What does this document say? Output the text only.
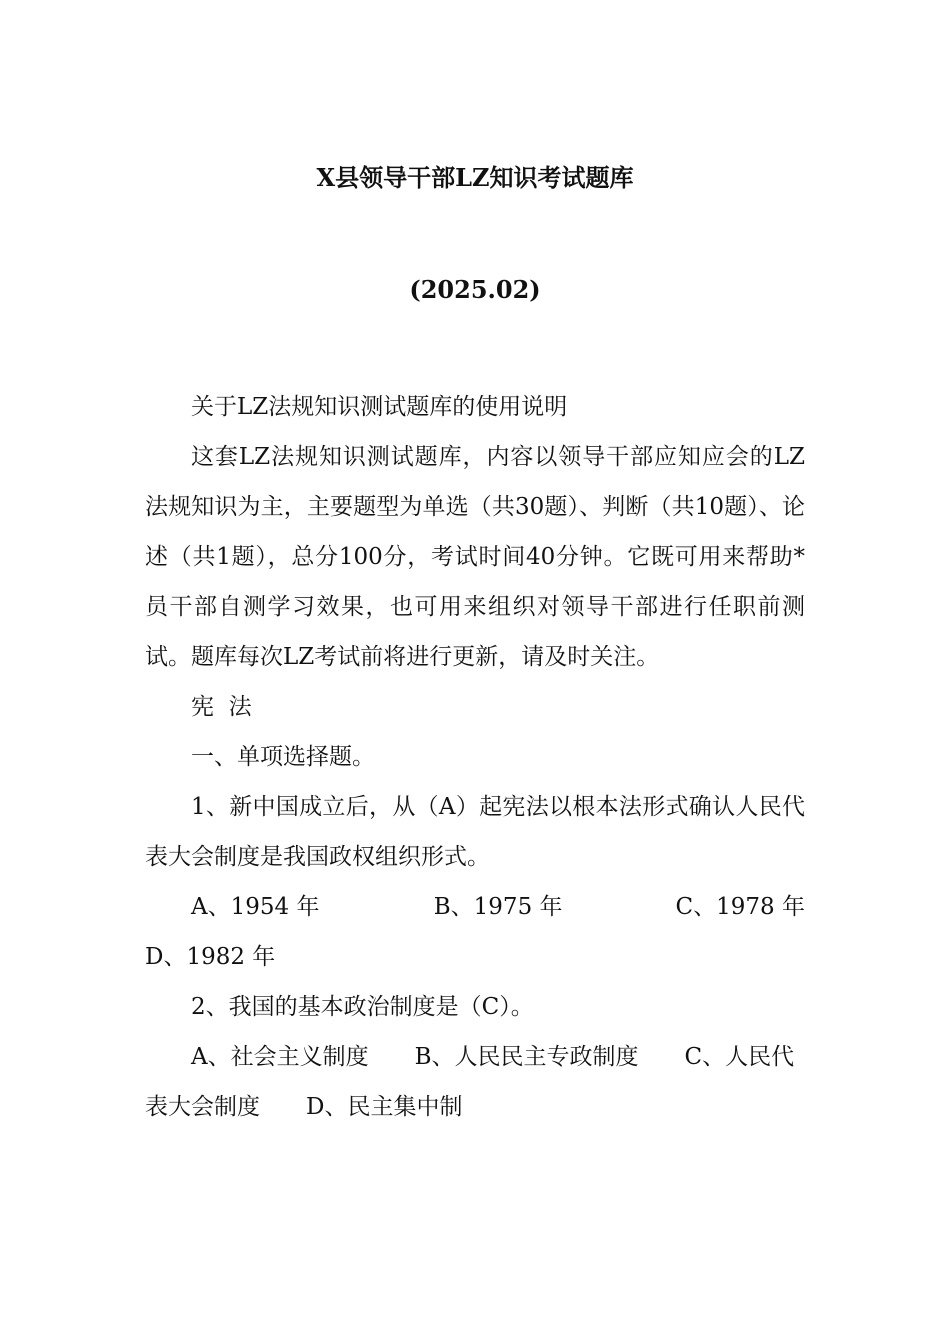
X县领导干部LZ知识考试题库
(2025.02)

关于LZ法规知识测试题库的使用说明

这套LZ法规知识测试题库，内容以领导干部应知应会的LZ法规知识为主，主要题型为单选（共30题）、判断（共10题）、论述（共1题），总分100分，考试时间40分钟。它既可用来帮助*员干部自测学习效果，也可用来组织对领导干部进行任职前测试。题库每次LZ考试前将进行更新，请及时关注。

宪  法

一、单项选择题。

1、新中国成立后，从（A）起宪法以根本法形式确认人民代表大会制度是我国政权组织形式。

A、1954 年	B、1975 年	C、1978 年
D、1982 年

2、我国的基本政治制度是（C）。

A、社会主义制度　　B、人民民主专政制度　　C、人民代
表大会制度　　D、民主集中制
